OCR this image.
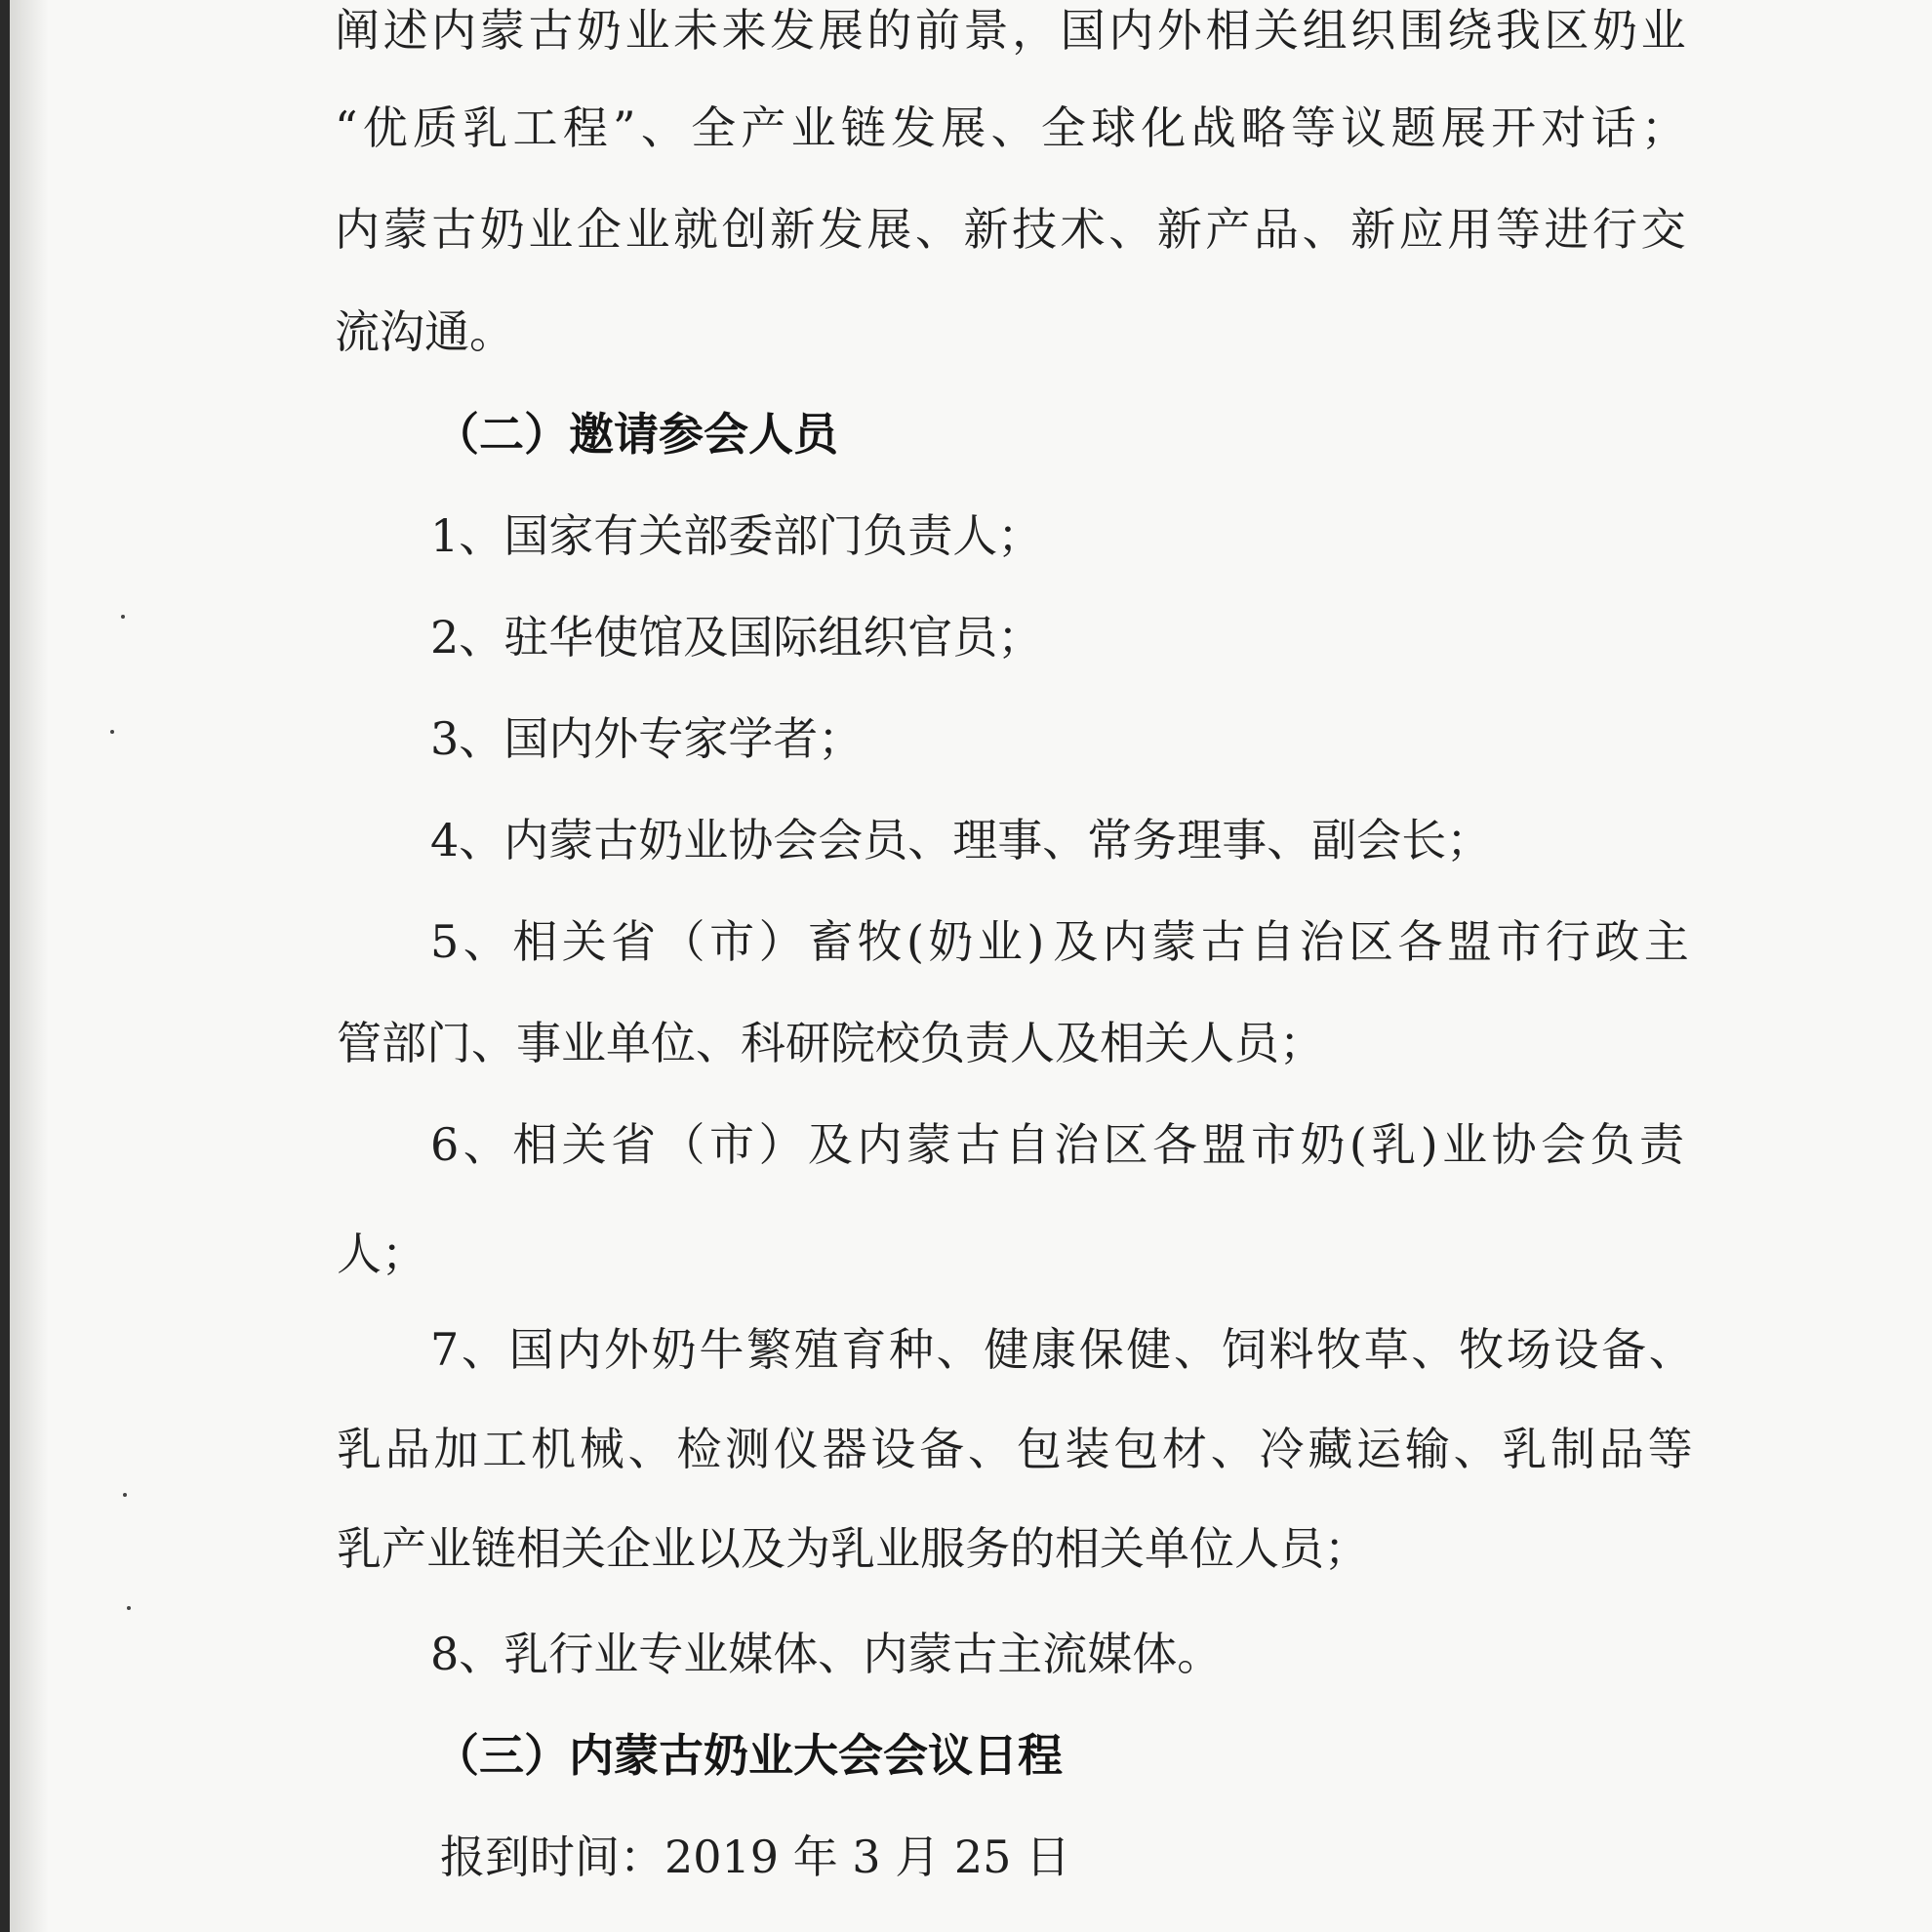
阐 述 内 蒙 古 奶 业 未 来 发 展 的 前 景 ， 国 内 外 相 关 组 织 围 绕 我 区 奶 业
“ 优 质 乳 工 程 ” 、 全 产 业 链 发 展 、 全 球 化 战 略 等 议 题 展 开 对 话 ；
内 蒙 古 奶 业 企 业 就 创 新 发 展 、 新 技 术 、 新 产 品 、 新 应 用 等 进 行 交
流沟通。
（二）邀请参会人员
1、国家有关部委部门负责人；
2、驻华使馆及国际组织官员；
3、国内外专家学者；
4、内蒙古奶业协会会员、理事、常务理事、副会长；
5 、 相 关 省 （ 市 ） 畜 牧 ( 奶 业 ) 及 内 蒙 古 自 治 区 各 盟 市 行 政 主
管部门、事业单位、科研院校负责人及相关人员；
6 、 相 关 省 （ 市 ） 及 内 蒙 古 自 治 区 各 盟 市 奶 ( 乳 ) 业 协 会 负 责
人；
7 、 国 内 外 奶 牛 繁 殖 育 种 、 健 康 保 健 、 饲 料 牧 草 、 牧 场 设 备 、
乳 品 加 工 机 械 、 检 测 仪 器 设 备 、 包 装 包 材 、 冷 藏 运 输 、 乳 制 品 等
乳产业链相关企业以及为乳业服务的相关单位人员；
8、乳行业专业媒体、内蒙古主流媒体。
（三）内蒙古奶业大会会议日程
报到时间：2019 年 3 月 25 日
